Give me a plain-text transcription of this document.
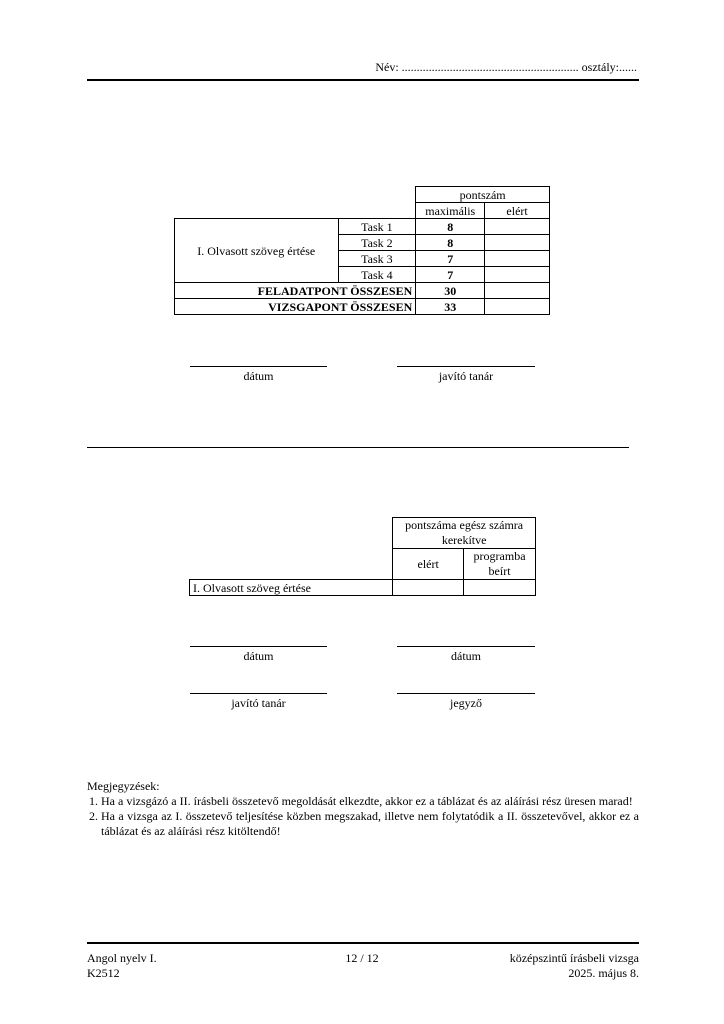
Név: ........................................................... osztály:......
		pontszám	
		maximális	elért
I. Olvasott szöveg értése	Task 1	8	
	Task 2	8	
	Task 3	7	
	Task 4	7	
FELADATPONT ÖSSZESEN		30	
VIZSGAPONT ÖSSZESEN		33	
dátum	javító tanár
	pontszáma egész számra kerekítve	
	elért	programba beírt
I. Olvasott szöveg értése		
dátum	dátum
javító tanár	jegyző
Megjegyzések:
1. Ha a vizsgázó a II. írásbeli összetevő megoldását elkezdte, akkor ez a táblázat és az aláírási rész üresen marad!
2. Ha a vizsga az I. összetevő teljesítése közben megszakad, illetve nem folytatódik a II. összetevővel, akkor ez a táblázat és az aláírási rész kitöltendő!
Angol nyelv I.
K2512
12 / 12	középszintű írásbeli vizsga
2025. május 8.
